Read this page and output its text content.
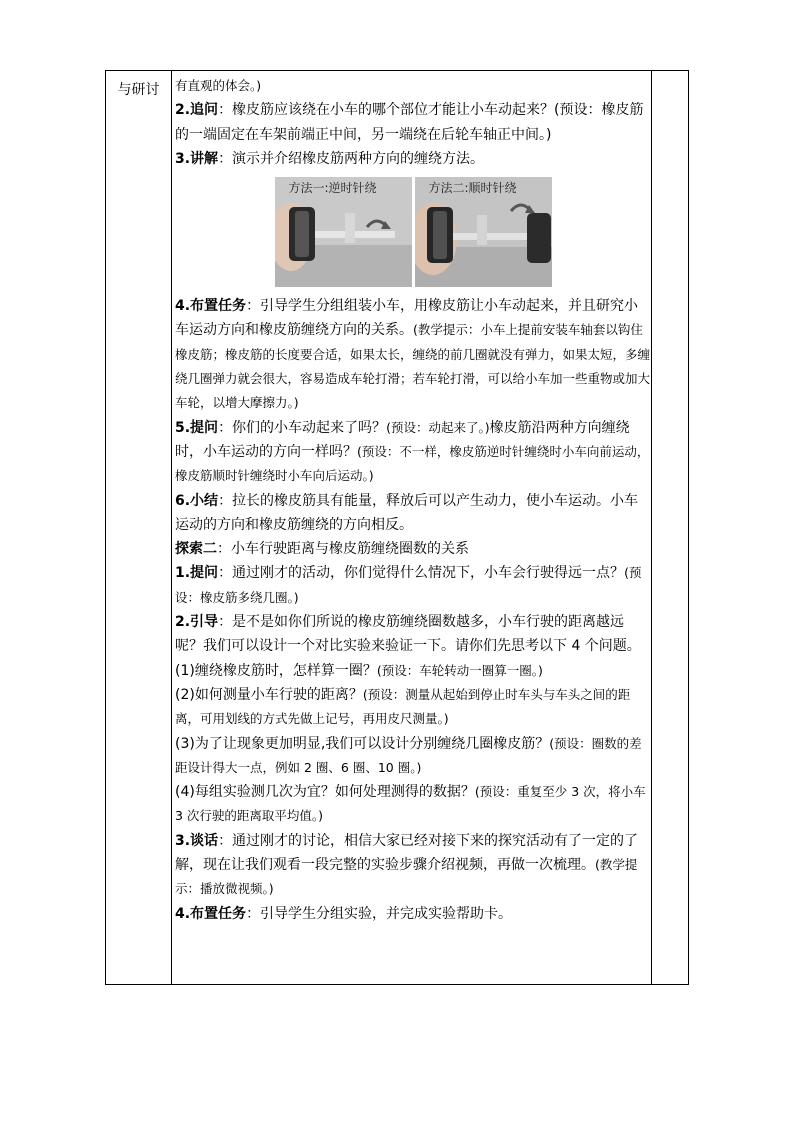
与研讨	有直观的体会。)

2.追问：橡皮筋应该绕在小车的哪个部位才能让小车动起来？(预设：橡皮筋的一端固定在车架前端正中间，另一端绕在后轮车轴正中间。)

3.讲解：演示并介绍橡皮筋两种方向的缠绕方法。

方法一:逆时针绕	方法二:顺时针绕

4.布置任务：引导学生分组组装小车，用橡皮筋让小车动起来，并且研究小车运动方向和橡皮筋缠绕方向的关系。(教学提示：小车上提前安装车轴套以钩住橡皮筋；橡皮筋的长度要合适，如果太长，缠绕的前几圈就没有弹力，如果太短，多缠绕几圈弹力就会很大，容易造成车轮打滑；若车轮打滑，可以给小车加一些重物或加大车轮，以增大摩擦力。)

5.提问：你们的小车动起来了吗？(预设：动起来了。)橡皮筋沿两种方向缠绕时，小车运动的方向一样吗？(预设：不一样，橡皮筋逆时针缠绕时小车向前运动，橡皮筋顺时针缠绕时小车向后运动。)

6.小结：拉长的橡皮筋具有能量，释放后可以产生动力，使小车运动。小车运动的方向和橡皮筋缠绕的方向相反。

探索二：小车行驶距离与橡皮筋缠绕圈数的关系

1.提问：通过刚才的活动，你们觉得什么情况下，小车会行驶得远一点？(预设：橡皮筋多绕几圈。)

2.引导：是不是如你们所说的橡皮筋缠绕圈数越多，小车行驶的距离越远呢？我们可以设计一个对比实验来验证一下。请你们先思考以下 4 个问题。

(1)缠绕橡皮筋时，怎样算一圈？(预设：车轮转动一圈算一圈。)

(2)如何测量小车行驶的距离？(预设：测量从起始到停止时车头与车头之间的距离，可用划线的方式先做上记号，再用皮尺测量。)

(3)为了让现象更加明显,我们可以设计分别缠绕几圈橡皮筋？(预设：圈数的差距设计得大一点，例如 2 圈、6 圈、10 圈。)

(4)每组实验测几次为宜？如何处理测得的数据？(预设：重复至少 3 次，将小车 3 次行驶的距离取平均值。)

3.谈话：通过刚才的讨论，相信大家已经对接下来的探究活动有了一定的了解，现在让我们观看一段完整的实验步骤介绍视频，再做一次梳理。(教学提示：播放微视频。)

4.布置任务：引导学生分组实验，并完成实验帮助卡。
